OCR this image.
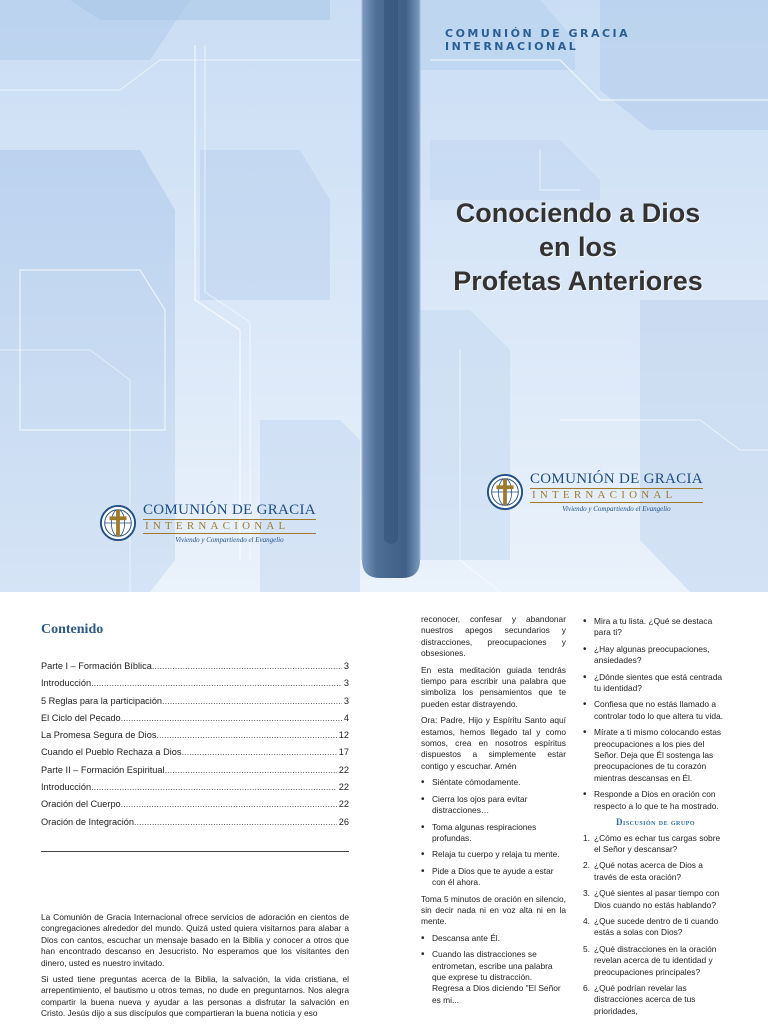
COMUNIÓN DE GRACIA INTERNACIONAL
Conociendo a Dios
en los
Profetas Anteriores
COMUNIÓN DE GRACIA
INTERNACIONAL
Viviendo y Compartiendo el Evangelio
COMUNIÓN DE GRACIA
INTERNACIONAL
Viviendo y Compartiendo el Evangelio
Contenido
Parte I – Formación Bíblica .....	3
Introducción .....	3
5 Reglas para la participación .....	3
El Ciclo del Pecado .....	4
La Promesa Segura de Dios .....	12
Cuando el Pueblo Rechaza a Dios .....	17
Parte II – Formación Espiritual .....	22
Introducción .....	22
Oración del Cuerpo .....	22
Oración de Integración .....	26

La Comunión de Gracia Internacional ofrece servicios de adoración en cientos de congregaciones alrededor del mundo. Quizá usted quiera visitarnos para alabar a Dios con cantos, escuchar un mensaje basado en la Biblia y conocer a otros que han encontrado descanso en Jesucristo. No esperamos que los visitantes den dinero, usted es nuestro invitado.

Si usted tiene preguntas acerca de la Biblia, la salvación, la vida cristiana, el arrepentimiento, el bautismo u otros temas, no dude en preguntarnos. Nos alegra compartir la buena nueva y ayudar a las personas a disfrutar la salvación en Cristo. Jesús dijo a sus discípulos que compartieran la buena noticia y eso

reconocer, confesar y abandonar nuestros apegos secundarios y distracciones, preocupaciones y obsesiones.

En esta meditación guiada tendrás tiempo para escribir una palabra que simboliza los pensamientos que te pueden estar distrayendo.

Ora: Padre, Hijo y Espíritu Santo aquí estamos, hemos llegado tal y como somos, crea en nosotros espíritus dispuestos a simplemente estar contigo y escuchar. Amén

• Siéntate cómodamente.
• Cierra los ojos para evitar distracciones…
• Toma algunas respiraciones profundas.
• Relaja tu cuerpo y relaja tu mente.
• Pide a Dios que te ayude a estar con él ahora.

Toma 5 minutos de oración en silencio, sin decir nada ni en voz alta ni en la mente.

• Descansa ante Él.
• Cuando las distracciones se entrometan, escribe una palabra que exprese tu distracción. Regresa a Dios diciendo "El Señor es mi...
• Mira a tu lista. ¿Qué se destaca para ti?
• ¿Hay algunas preocupaciones, ansiedades?
• ¿Dónde sientes que está centrada tu identidad?
• Confiesa que no estás llamado a controlar todo lo que altera tu vida.
• Mírate a ti mismo colocando estas preocupaciones a los pies del Señor. Deja que Él sostenga las preocupaciones de tu corazón mientras descansas en Él.
• Responde a Dios en oración con respecto a lo que te ha mostrado.
Discusión de grupo
1. ¿Cómo es echar tus cargas sobre el Señor y descansar?
2. ¿Qué notas acerca de Dios a través de esta oración?
3. ¿Qué sientes al pasar tiempo con Dios cuando no estás hablando?
4. ¿Que sucede dentro de ti cuando estás a solas con Dios?
5. ¿Qué distracciones en la oración revelan acerca de tu identidad y preocupaciones principales?
6. ¿Qué podrían revelar las distracciones acerca de tus prioridades,
